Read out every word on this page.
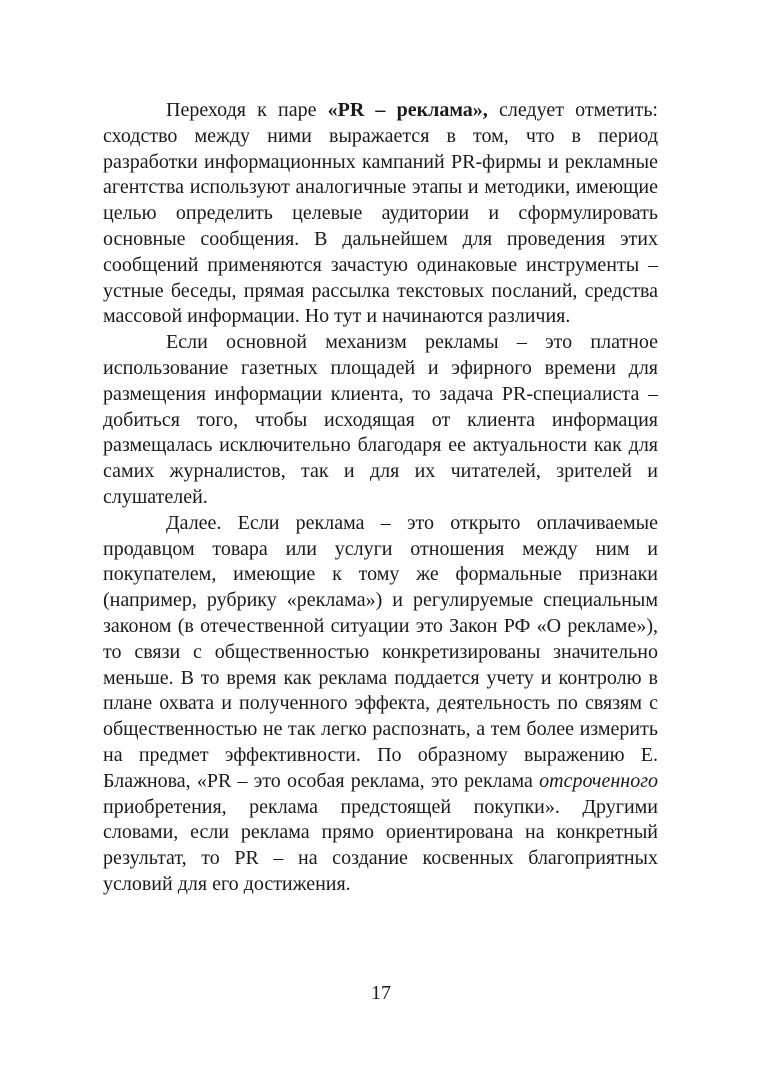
Переходя к паре «PR – реклама», следует отметить: сходство между ними выражается в том, что в период разработки информационных кампаний PR-фирмы и рекламные агентства используют аналогичные этапы и методики, имеющие целью определить целевые аудитории и сформулировать основные сообщения. В дальнейшем для проведения этих сообщений применяются зачастую одинаковые инструменты – устные беседы, прямая рассылка текстовых посланий, средства массовой информации. Но тут и начинаются различия.

Если основной механизм рекламы – это платное использование газетных площадей и эфирного времени для размещения информации клиента, то задача PR-специалиста – добиться того, чтобы исходящая от клиента информация размещалась исключительно благодаря ее актуальности как для самих журналистов, так и для их читателей, зрителей и слушателей.

Далее. Если реклама – это открыто оплачиваемые продавцом товара или услуги отношения между ним и покупателем, имеющие к тому же формальные признаки (например, рубрику «реклама») и регулируемые специальным законом (в отечественной ситуации это Закон РФ «О рекламе»), то связи с общественностью конкретизированы значительно меньше. В то время как реклама поддается учету и контролю в плане охвата и полученного эффекта, деятельность по связям с общественностью не так легко распознать, а тем более измерить на предмет эффективности. По образному выражению Е. Блажнова, «PR – это особая реклама, это реклама отсроченного приобретения, реклама предстоящей покупки». Другими словами, если реклама прямо ориентирована на конкретный результат, то PR – на создание косвенных благоприятных условий для его достижения.

17
